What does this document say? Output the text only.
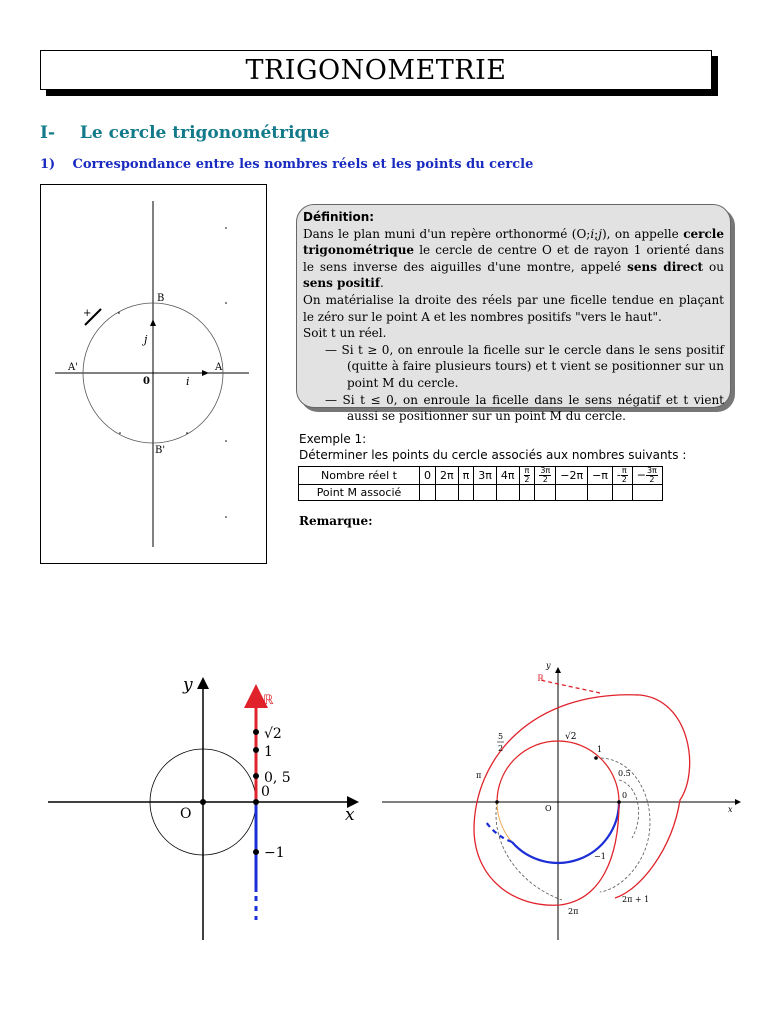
TRIGONOMETRIE
I- Le cercle trigonométrique
1) Correspondance entre les nombres réels et les points du cercle
B
B'
A
A'
0
j
i
+

Définition:

Dans le plan muni d'un repère orthonormé (O;i;j), on appelle cercle trigonométrique le cercle de centre O et de rayon 1 orienté dans le sens inverse des aiguilles d'une montre, appelé sens direct ou sens positif.

On matérialise la droite des réels par une ficelle tendue en plaçant le zéro sur le point A et les nombres positifs "vers le haut".

Soit t un réel.

— Si t ≥ 0, on enroule la ficelle sur le cercle dans le sens positif (quitte à faire plusieurs tours) et t vient se positionner sur un point M du cercle.

— Si t ≤ 0, on enroule la ficelle dans le sens négatif et t vient aussi se positionner sur un point M du cercle.

Exemple 1:
Déterminer les points du cercle associés aux nombres suivants :
Nombre réel t	0	2π	π	3π	4π	$\frac{\pi}{2}$	$\frac{3\pi}{2}$	−2π	−π	- $\frac{\pi}{2}$	− $\frac{3\pi}{2}$

Point M associé											
Remarque:
y
x
O
ℝ
√2
1
0, 5
0
−1
y
x
O
ℝ
5
2
√2
1
0.5
0
π
−1
2π
2π + 1
